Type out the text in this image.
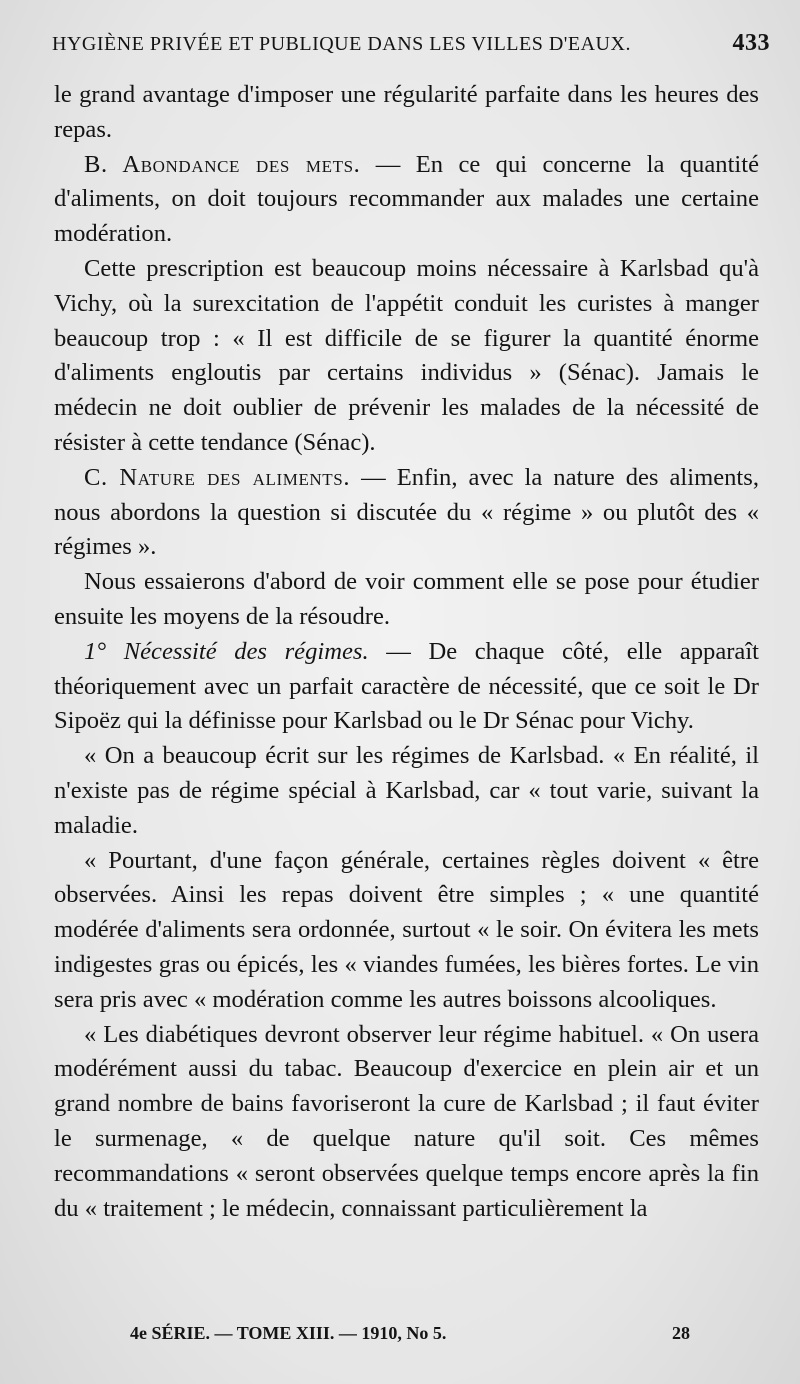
HYGIÈNE PRIVÉE ET PUBLIQUE DANS LES VILLES D'EAUX.	433

le grand avantage d'imposer une régularité parfaite dans les heures des repas.

B. Abondance des mets. — En ce qui concerne la quantité d'aliments, on doit toujours recommander aux malades une certaine modération.

Cette prescription est beaucoup moins nécessaire à Karlsbad qu'à Vichy, où la surexcitation de l'appétit conduit les curistes à manger beaucoup trop : « Il est difficile de se figurer la quantité énorme d'aliments engloutis par certains individus » (Sénac). Jamais le médecin ne doit oublier de prévenir les malades de la nécessité de résister à cette tendance (Sénac).

C. Nature des aliments. — Enfin, avec la nature des aliments, nous abordons la question si discutée du « régime » ou plutôt des « régimes ».

Nous essaierons d'abord de voir comment elle se pose pour étudier ensuite les moyens de la résoudre.

1° Nécessité des régimes. — De chaque côté, elle apparaît théoriquement avec un parfait caractère de nécessité, que ce soit le Dr Sipoëz qui la définisse pour Karlsbad ou le Dr Sénac pour Vichy.

« On a beaucoup écrit sur les régimes de Karlsbad. « En réalité, il n'existe pas de régime spécial à Karlsbad, car « tout varie, suivant la maladie.

« Pourtant, d'une façon générale, certaines règles doivent « être observées. Ainsi les repas doivent être simples ; « une quantité modérée d'aliments sera ordonnée, surtout « le soir. On évitera les mets indigestes gras ou épicés, les « viandes fumées, les bières fortes. Le vin sera pris avec « modération comme les autres boissons alcooliques.

« Les diabétiques devront observer leur régime habituel. « On usera modérément aussi du tabac. Beaucoup d'exercice en plein air et un grand nombre de bains favoriseront la cure de Karlsbad ; il faut éviter le surmenage, « de quelque nature qu'il soit. Ces mêmes recommandations « seront observées quelque temps encore après la fin du « traitement ; le médecin, connaissant particulièrement la

4e SÉRIE. — TOME XIII. — 1910, No 5.	28
